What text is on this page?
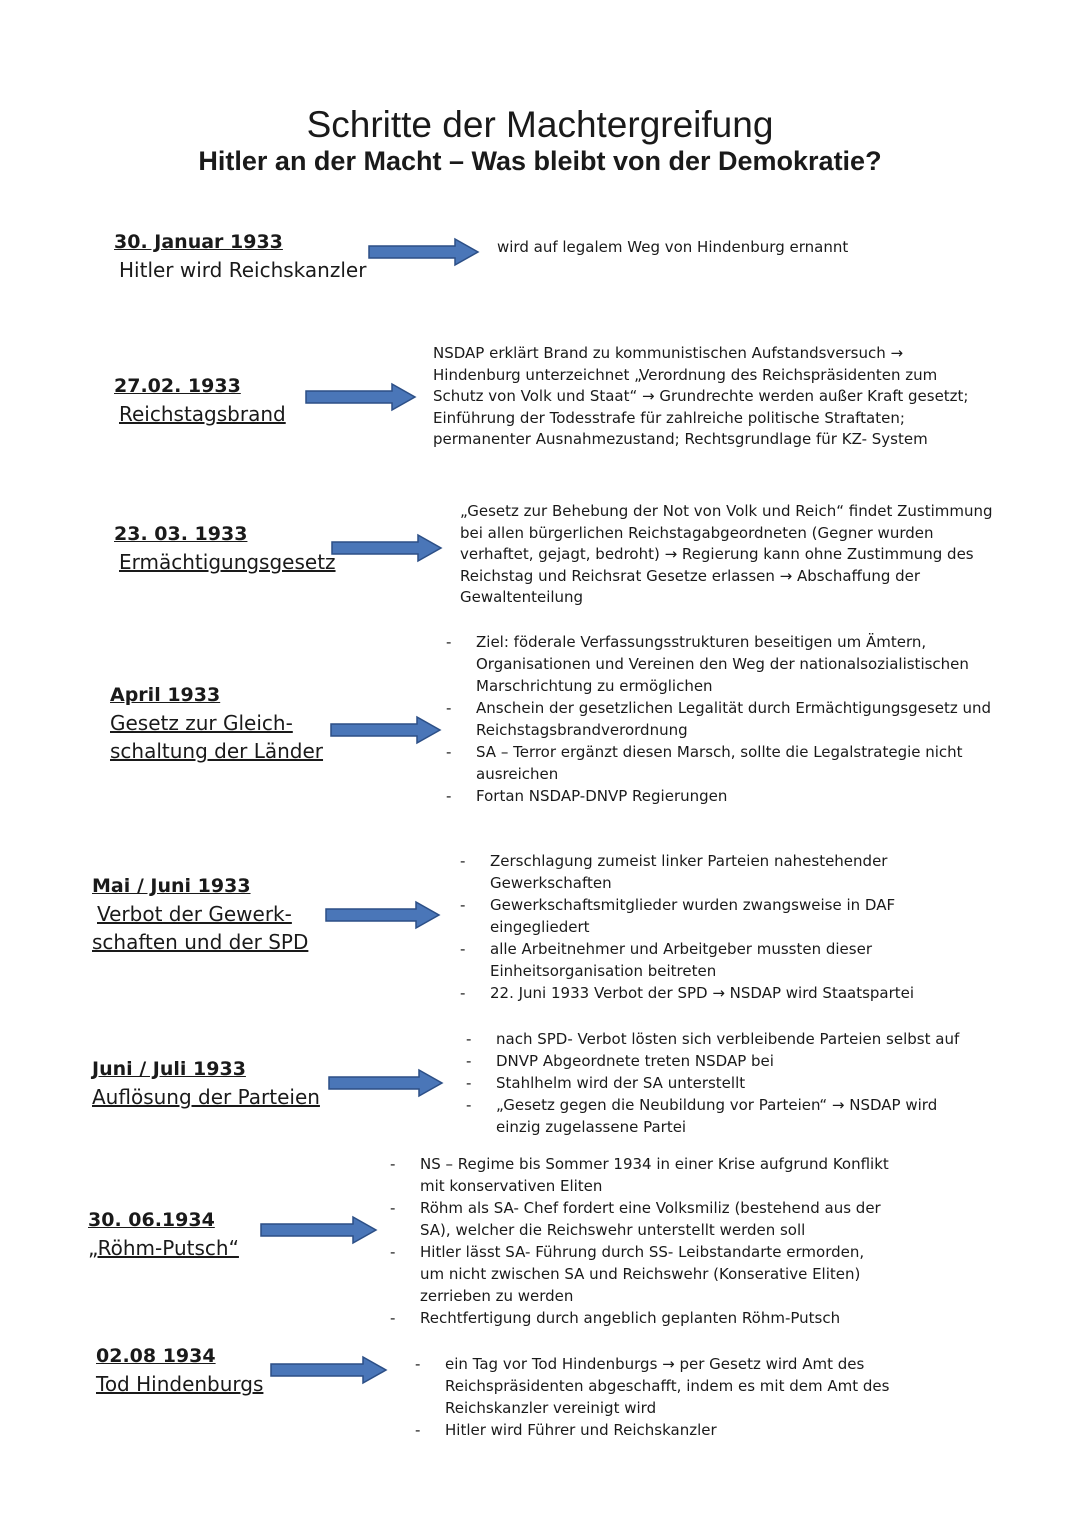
Schritte der Machtergreifung
Hitler an der Macht – Was bleibt von der Demokratie?
30. Januar 1933
Hitler wird Reichskanzler
wird auf legalem Weg von Hindenburg ernannt
27.02. 1933
Reichstagsbrand
NSDAP erklärt Brand zu kommunistischen Aufstandsversuch →
Hindenburg unterzeichnet „Verordnung des Reichspräsidenten zum
Schutz von Volk und Staat“ → Grundrechte werden außer Kraft gesetzt;
Einführung der Todesstrafe für zahlreiche politische Straftaten;
permanenter Ausnahmezustand; Rechtsgrundlage für KZ- System
23. 03. 1933
Ermächtigungsgesetz
„Gesetz zur Behebung der Not von Volk und Reich“ findet Zustimmung
bei allen bürgerlichen Reichstagabgeordneten (Gegner wurden
verhaftet, gejagt, bedroht) → Regierung kann ohne Zustimmung des
Reichstag und Reichsrat Gesetze erlassen → Abschaffung der
Gewaltenteilung
April 1933
Gesetz zur Gleich-
schaltung der Länder
- Ziel: föderale Verfassungsstrukturen beseitigen um Ämtern,
Organisationen und Vereinen den Weg der nationalsozialistischen
Marschrichtung zu ermöglichen
- Anschein der gesetzlichen Legalität durch Ermächtigungsgesetz und
Reichstagsbrandverordnung
- SA – Terror ergänzt diesen Marsch, sollte die Legalstrategie nicht
ausreichen
- Fortan NSDAP-DNVP Regierungen
Mai / Juni 1933
Verbot der Gewerk-
schaften und der SPD
- Zerschlagung zumeist linker Parteien nahestehender
Gewerkschaften
- Gewerkschaftsmitglieder wurden zwangsweise in DAF
eingegliedert
- alle Arbeitnehmer und Arbeitgeber mussten dieser
Einheitsorganisation beitreten
- 22. Juni 1933 Verbot der SPD → NSDAP wird Staatspartei
Juni / Juli 1933
Auflösung der Parteien
- nach SPD- Verbot lösten sich verbleibende Parteien selbst auf
- DNVP Abgeordnete treten NSDAP bei
- Stahlhelm wird der SA unterstellt
- „Gesetz gegen die Neubildung vor Parteien“ → NSDAP wird
einzig zugelassene Partei
30. 06.1934
„Röhm-Putsch“
- NS – Regime bis Sommer 1934 in einer Krise aufgrund Konflikt
mit konservativen Eliten
- Röhm als SA- Chef fordert eine Volksmiliz (bestehend aus der
SA), welcher die Reichswehr unterstellt werden soll
- Hitler lässt SA- Führung durch SS- Leibstandarte ermorden,
um nicht zwischen SA und Reichswehr (Konserative Eliten)
zerrieben zu werden
- Rechtfertigung durch angeblich geplanten Röhm-Putsch
02.08 1934
Tod Hindenburgs
- ein Tag vor Tod Hindenburgs → per Gesetz wird Amt des
Reichspräsidenten abgeschafft, indem es mit dem Amt des
Reichskanzler vereinigt wird
- Hitler wird Führer und Reichskanzler
